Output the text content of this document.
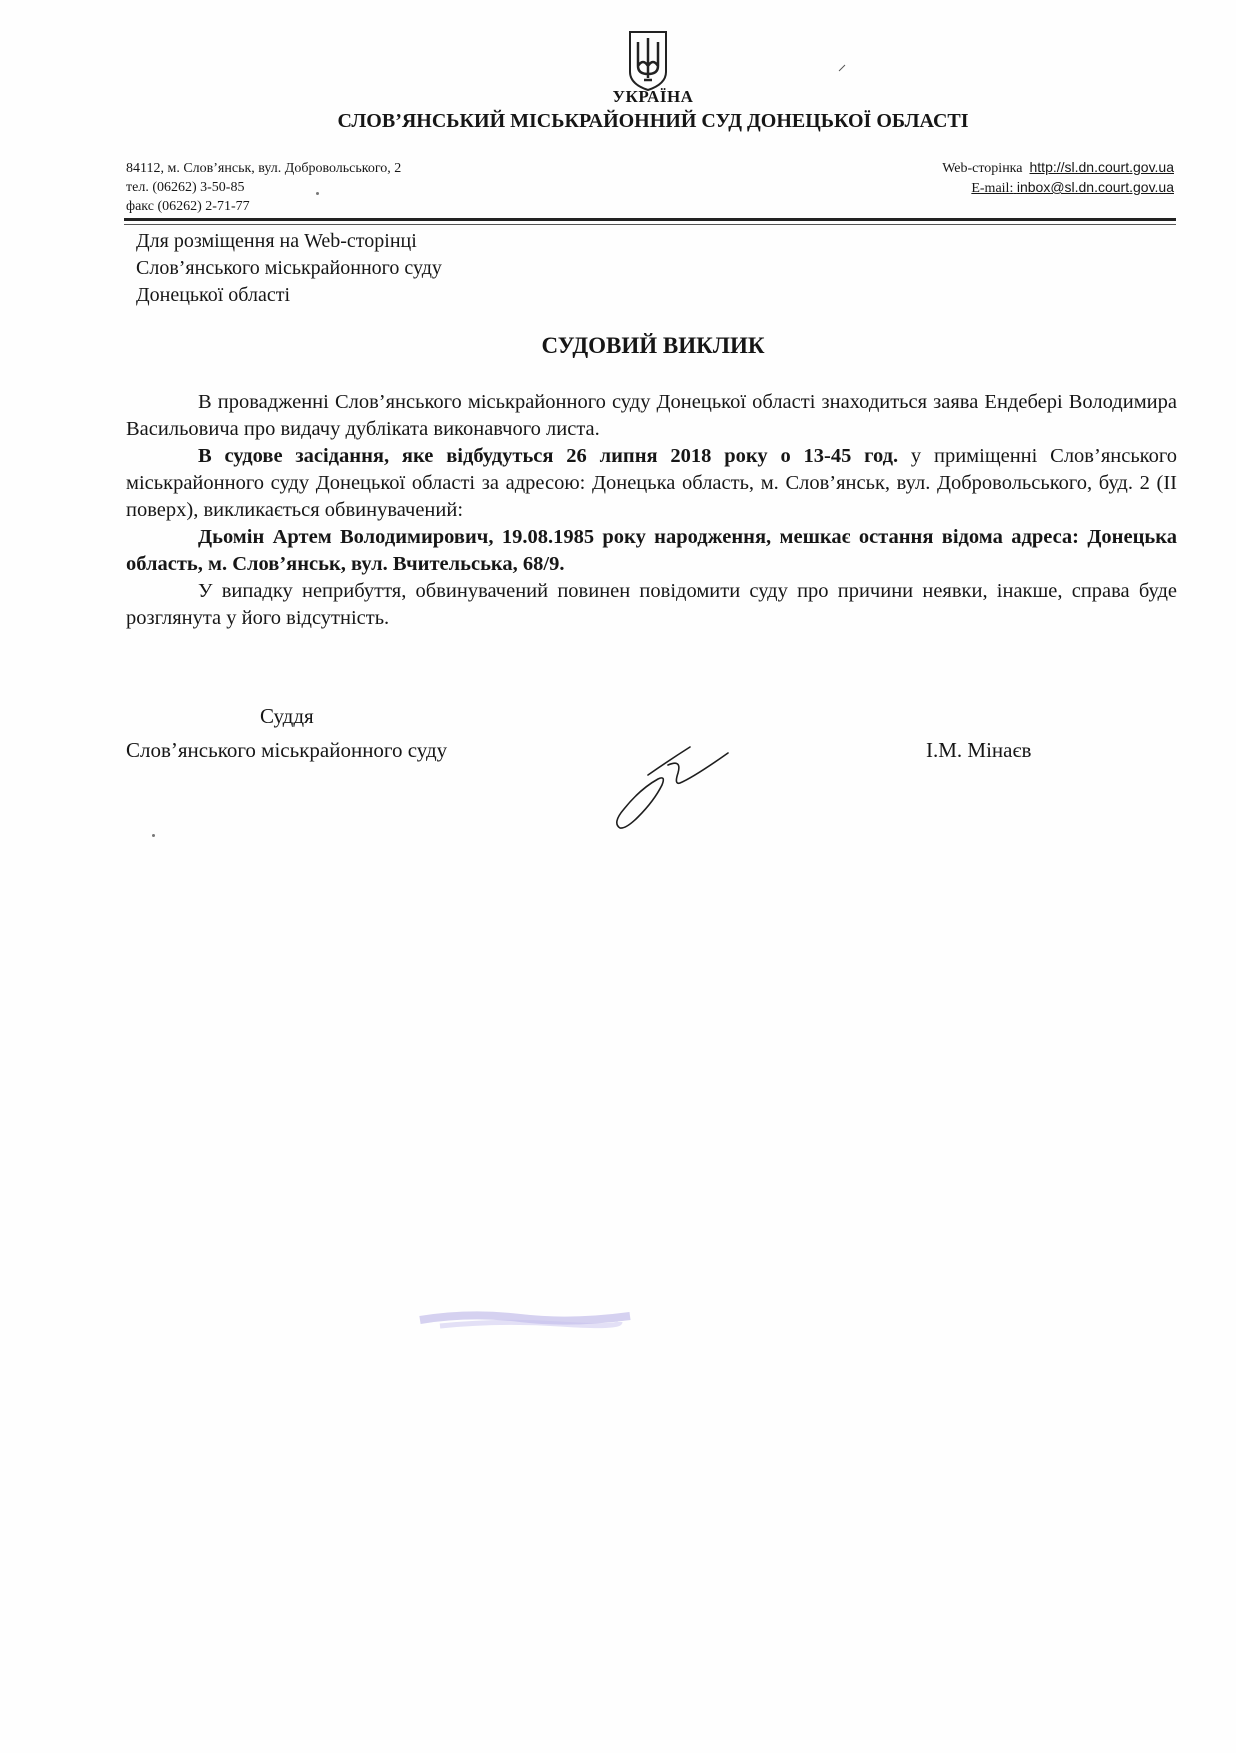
УКРАЇНА
СЛОВ’ЯНСЬКИЙ МІСЬКРАЙОННИЙ СУД ДОНЕЦЬКОЇ ОБЛАСТІ
84112, м. Слов’янськ, вул. Добровольського, 2
тел. (06262) 3-50-85
факс (06262) 2-71-77
Web-сторінка http://sl.dn.court.gov.ua
E-mail: inbox@sl.dn.court.gov.ua
Для розміщення на Web-сторінці
Слов’янського міськрайонного суду
Донецької області
СУДОВИЙ ВИКЛИК

В провадженні Слов’янського міськрайонного суду Донецької області знаходиться заява Ендебері Володимира Васильовича про видачу дубліката виконавчого листа.

В судове засідання, яке відбудуться 26 липня 2018 року о 13-45 год. у приміщенні Слов’янського міськрайонного суду Донецької області за адресою: Донецька область, м. Слов’янськ, вул. Добровольського, буд. 2 (ІІ поверх), викликається обвинувачений:

Дьомін Артем Володимирович, 19.08.1985 року народження, мешкає остання відома адреса: Донецька область, м. Слов’янськ, вул. Вчительська, 68/9.

У випадку неприбуття, обвинувачений повинен повідомити суду про причини неявки, інакше, справа буде розглянута у його відсутність.

Суддя
Слов’янського міськрайонного суду	І.М. Мінаєв
